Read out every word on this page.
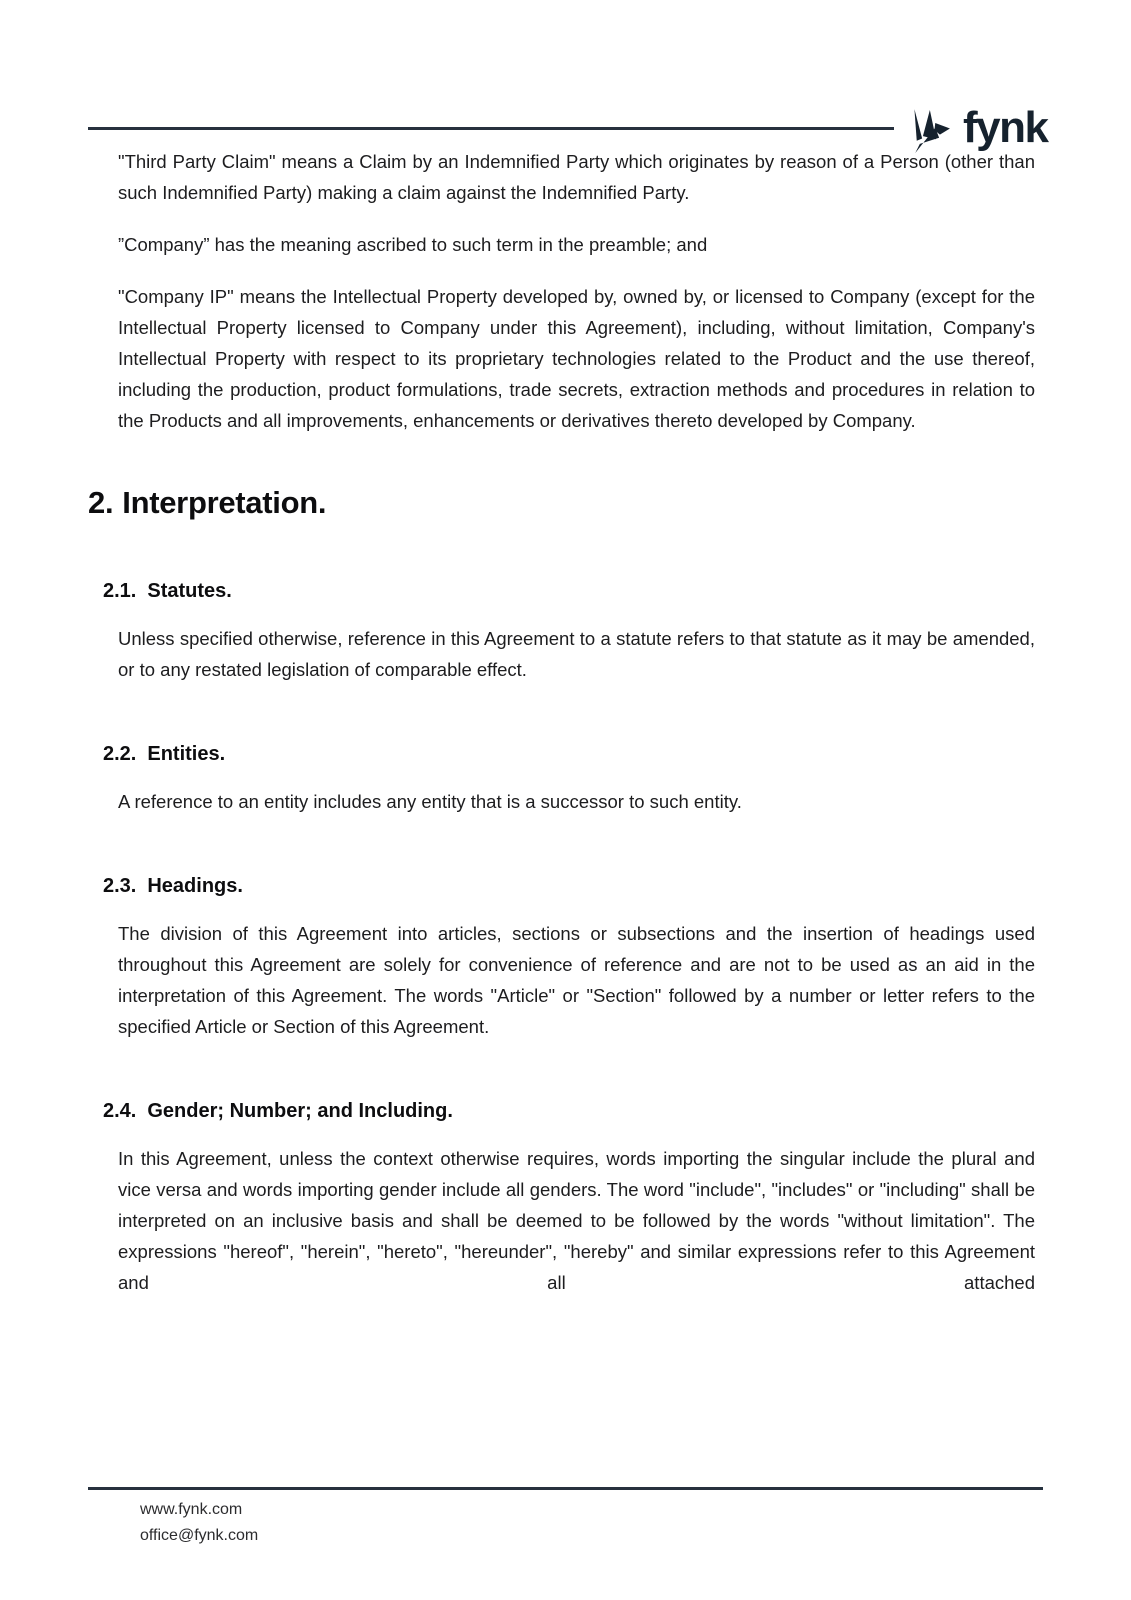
fynk

"Third Party Claim" means a Claim by an Indemnified Party which originates by reason of a Person (other than such Indemnified Party) making a claim against the Indemnified Party.

”Company” has the meaning ascribed to such term in the preamble; and

"Company IP" means the Intellectual Property developed by, owned by, or licensed to Company (except for the Intellectual Property licensed to Company under this Agreement), including, without limitation, Company's Intellectual Property with respect to its proprietary technologies related to the Product and the use thereof, including the production, product formulations, trade secrets, extraction methods and procedures in relation to the Products and all improvements, enhancements or derivatives thereto developed by Company.

2. Interpretation.
2.1. Statutes.

Unless specified otherwise, reference in this Agreement to a statute refers to that statute as it may be amended, or to any restated legislation of comparable effect.

2.2. Entities.

A reference to an entity includes any entity that is a successor to such entity.

2.3. Headings.

The division of this Agreement into articles, sections or subsections and the insertion of headings used throughout this Agreement are solely for convenience of reference and are not to be used as an aid in the interpretation of this Agreement. The words "Article" or "Section" followed by a number or letter refers to the specified Article or Section of this Agreement.

2.4. Gender; Number; and Including.

In this Agreement, unless the context otherwise requires, words importing the singular include the plural and vice versa and words importing gender include all genders. The word "include", "includes" or "including" shall be interpreted on an inclusive basis and shall be deemed to be followed by the words "without limitation". The expressions "hereof", "herein", "hereto", "hereunder", "hereby" and similar expressions refer to this Agreement and all attached

www.fynk.com
office@fynk.com
